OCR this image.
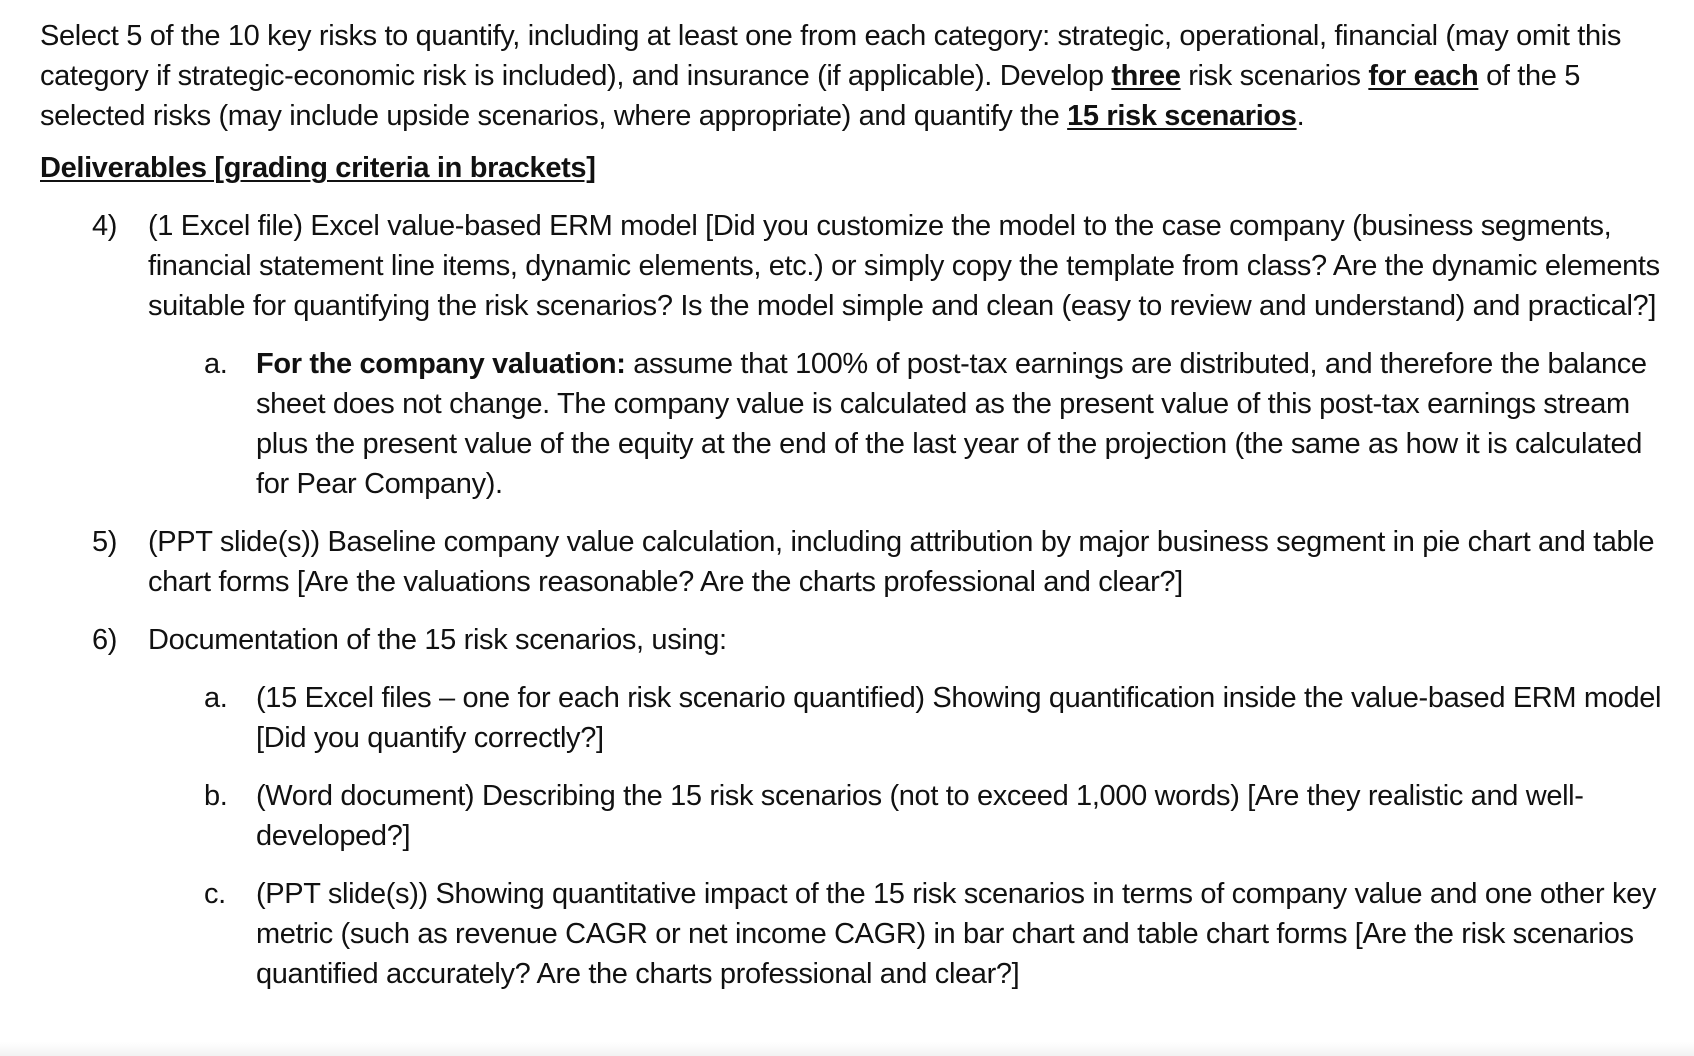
Select 5 of the 10 key risks to quantify, including at least one from each category: strategic, operational, financial (may omit this category if strategic-economic risk is included), and insurance (if applicable). Develop three risk scenarios for each of the 5 selected risks (may include upside scenarios, where appropriate) and quantify the 15 risk scenarios.

Deliverables [grading criteria in brackets]

4) (1 Excel file) Excel value-based ERM model [Did you customize the model to the case company (business segments, financial statement line items, dynamic elements, etc.) or simply copy the template from class? Are the dynamic elements suitable for quantifying the risk scenarios? Is the model simple and clean (easy to review and understand) and practical?]
a. For the company valuation: assume that 100% of post-tax earnings are distributed, and therefore the balance sheet does not change. The company value is calculated as the present value of this post-tax earnings stream plus the present value of the equity at the end of the last year of the projection (the same as how it is calculated for Pear Company).
5) (PPT slide(s)) Baseline company value calculation, including attribution by major business segment in pie chart and table chart forms [Are the valuations reasonable? Are the charts professional and clear?]
6) Documentation of the 15 risk scenarios, using:
a. (15 Excel files – one for each risk scenario quantified) Showing quantification inside the value-based ERM model [Did you quantify correctly?]
b. (Word document) Describing the 15 risk scenarios (not to exceed 1,000 words) [Are they realistic and well-developed?]
c. (PPT slide(s)) Showing quantitative impact of the 15 risk scenarios in terms of company value and one other key metric (such as revenue CAGR or net income CAGR) in bar chart and table chart forms [Are the risk scenarios quantified accurately? Are the charts professional and clear?]
